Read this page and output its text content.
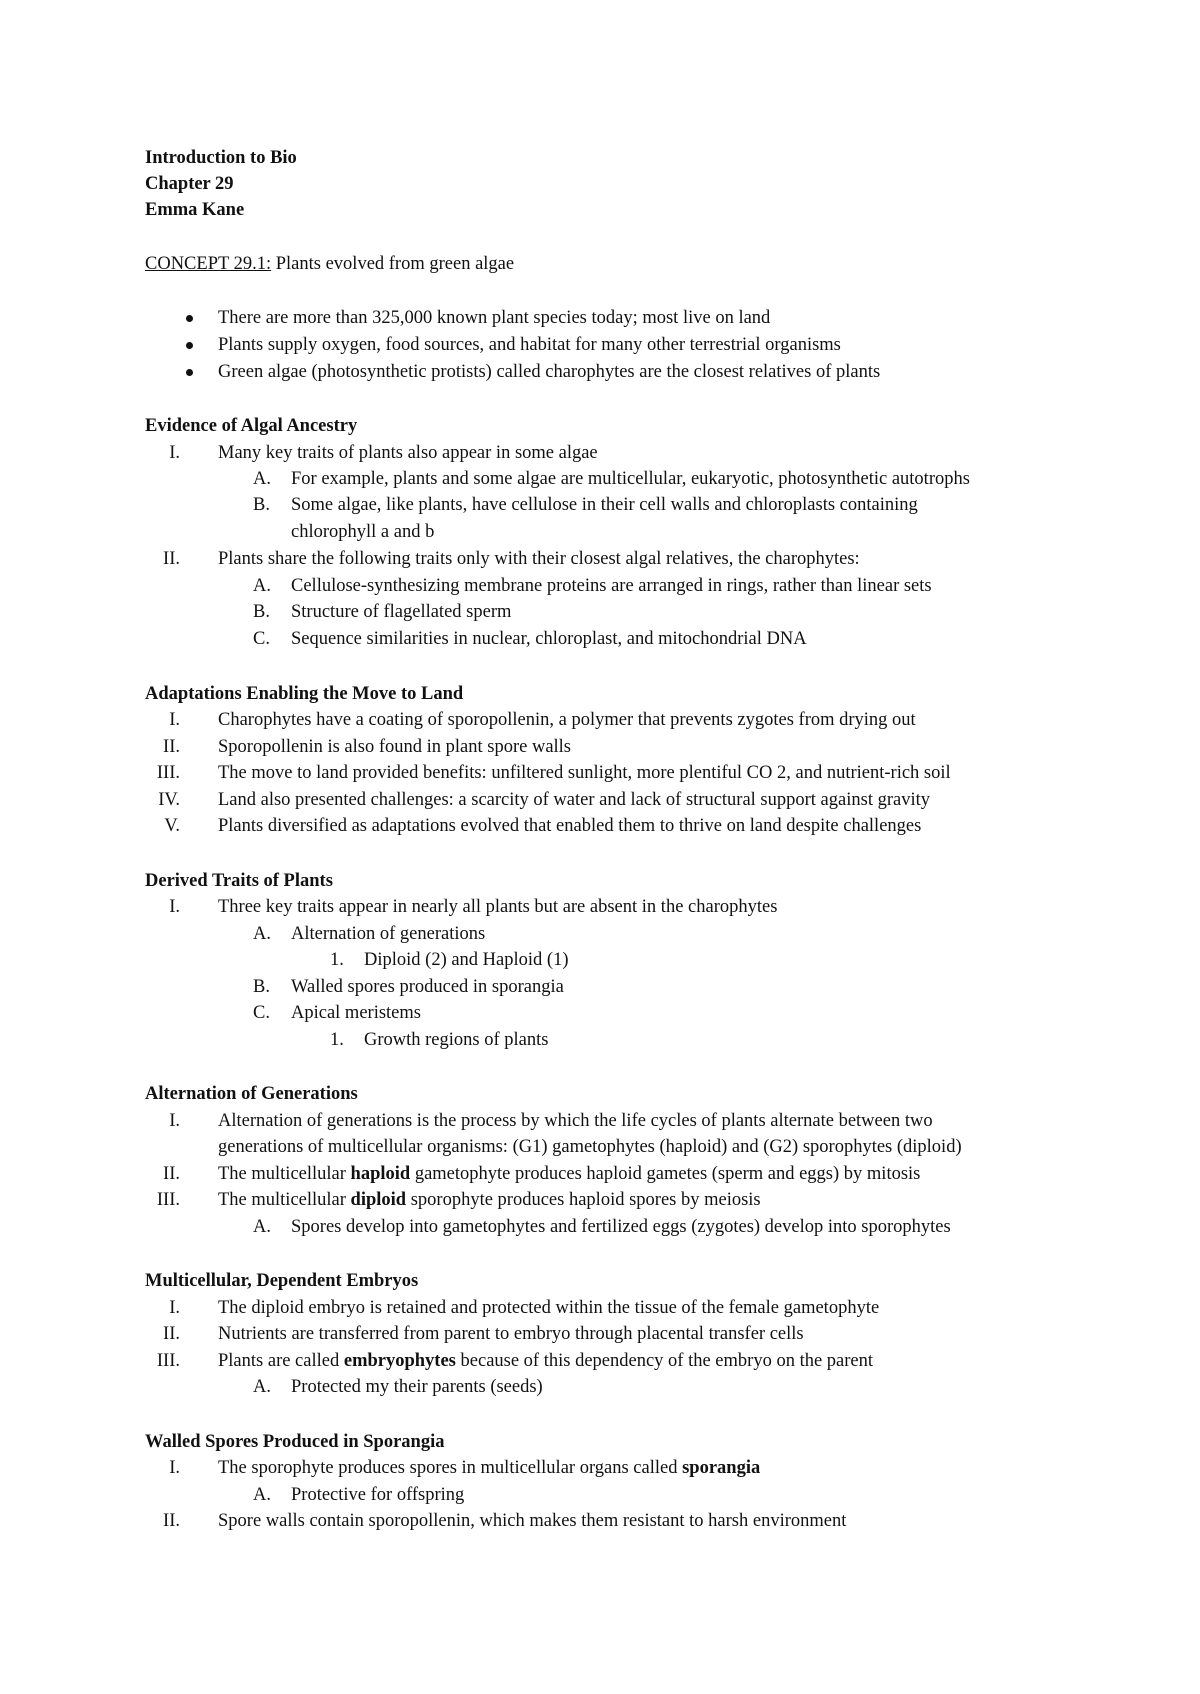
Introduction to Bio
Chapter 29
Emma Kane
CONCEPT 29.1: Plants evolved from green algae
There are more than 325,000 known plant species today; most live on land
Plants supply oxygen, food sources, and habitat for many other terrestrial organisms
Green algae (photosynthetic protists) called charophytes are the closest relatives of plants
Evidence of Algal Ancestry
I. Many key traits of plants also appear in some algae
A.	For example, plants and some algae are multicellular, eukaryotic, photosynthetic autotrophs
B.	Some algae, like plants, have cellulose in their cell walls and chloroplasts containing
chlorophyll a and b
II. Plants share the following traits only with their closest algal relatives, the charophytes:
A.	Cellulose-synthesizing membrane proteins are arranged in rings, rather than linear sets
B.	Structure of flagellated sperm
C.	Sequence similarities in nuclear, chloroplast, and mitochondrial DNA
Adaptations Enabling the Move to Land
I. Charophytes have a coating of sporopollenin, a polymer that prevents zygotes from drying out
II. Sporopollenin is also found in plant spore walls
III. The move to land provided benefits: unfiltered sunlight, more plentiful CO 2, and nutrient-rich soil
IV. Land also presented challenges: a scarcity of water and lack of structural support against gravity
V. Plants diversified as adaptations evolved that enabled them to thrive on land despite challenges
Derived Traits of Plants
I. Three key traits appear in nearly all plants but are absent in the charophytes
A.	Alternation of generations
1.	Diploid (2) and Haploid (1)
B.	Walled spores produced in sporangia
C.	Apical meristems
1.	Growth regions of plants
Alternation of Generations
I. Alternation of generations is the process by which the life cycles of plants alternate between two
generations of multicellular organisms: (G1) gametophytes (haploid) and (G2) sporophytes (diploid)
II. The multicellular haploid gametophyte produces haploid gametes (sperm and eggs) by mitosis
III. The multicellular diploid sporophyte produces haploid spores by meiosis
A.	Spores develop into gametophytes and fertilized eggs (zygotes) develop into sporophytes
Multicellular, Dependent Embryos
I. The diploid embryo is retained and protected within the tissue of the female gametophyte
II. Nutrients are transferred from parent to embryo through placental transfer cells
III. Plants are called embryophytes because of this dependency of the embryo on the parent
A.	Protected my their parents (seeds)
Walled Spores Produced in Sporangia
I. The sporophyte produces spores in multicellular organs called sporangia
A.	Protective for offspring
II. Spore walls contain sporopollenin, which makes them resistant to harsh environment
